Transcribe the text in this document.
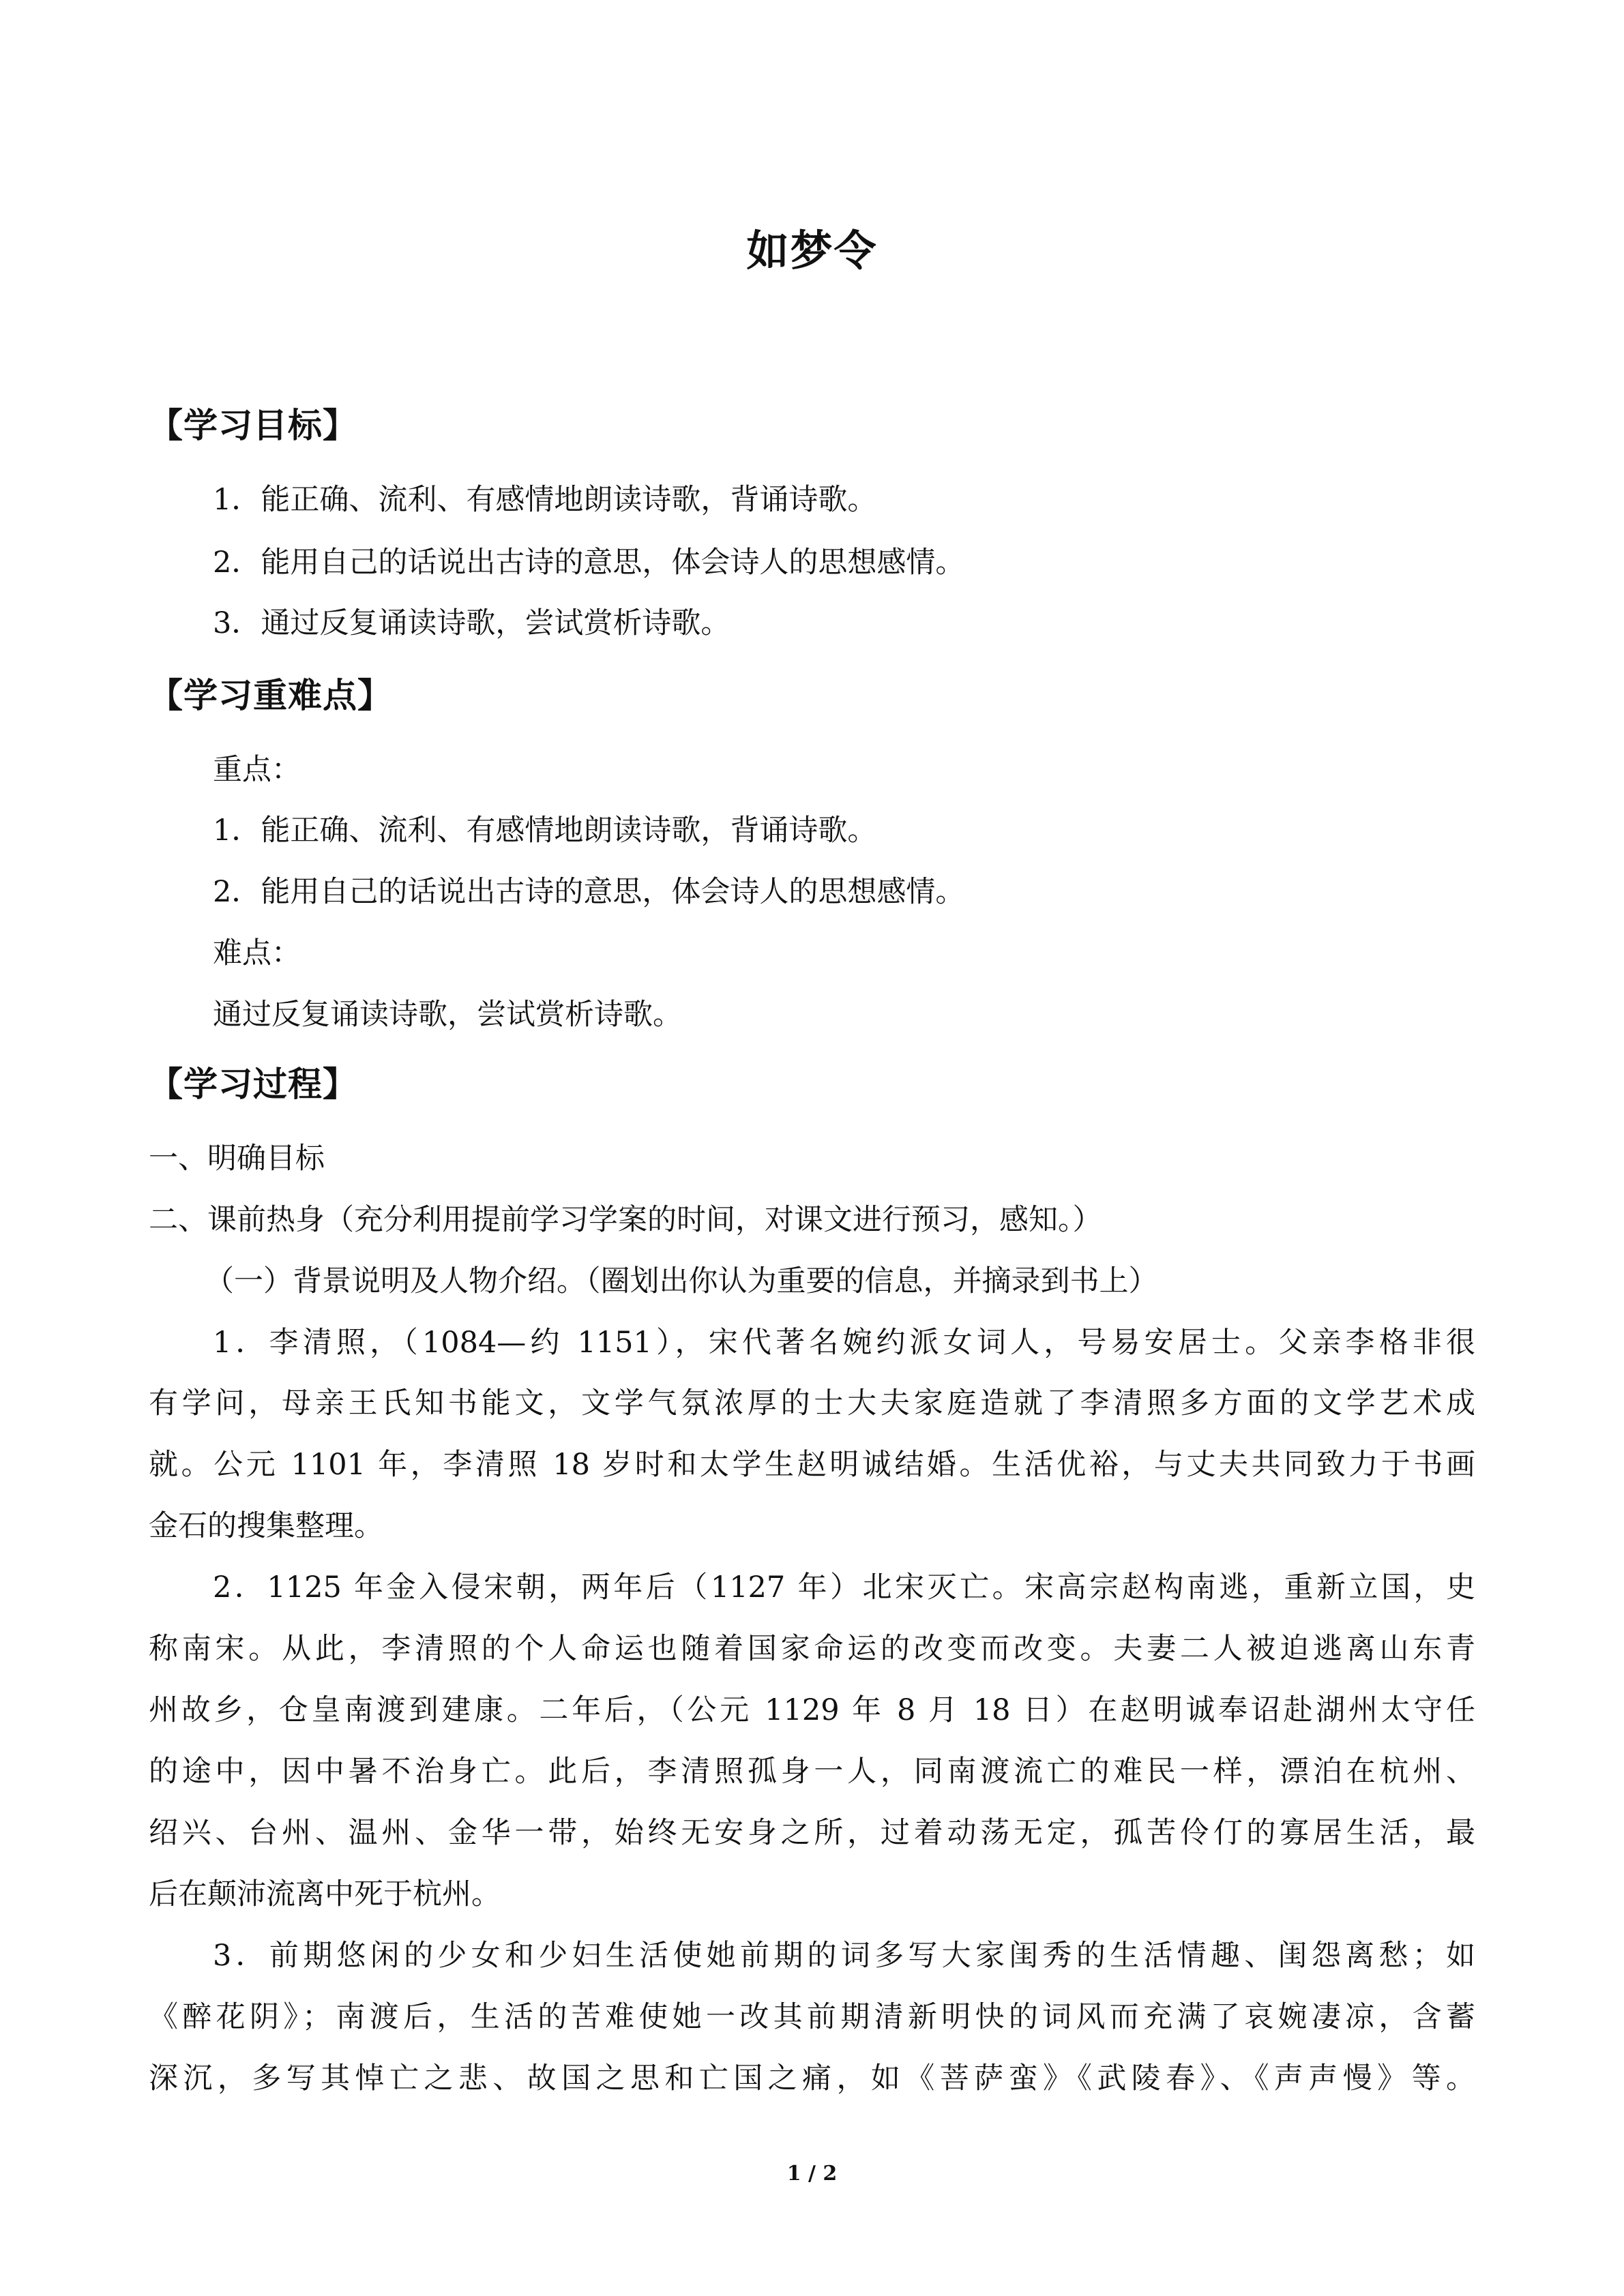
如梦令
【学习目标】
1．能正确、流利、有感情地朗读诗歌，背诵诗歌。
2．能用自己的话说出古诗的意思，体会诗人的思想感情。
3．通过反复诵读诗歌，尝试赏析诗歌。
【学习重难点】
重点：
1．能正确、流利、有感情地朗读诗歌，背诵诗歌。
2．能用自己的话说出古诗的意思，体会诗人的思想感情。
难点：
通过反复诵读诗歌，尝试赏析诗歌。
【学习过程】
一、明确目标
二、课前热身（充分利用提前学习学案的时间，对课文进行预习，感知。）
（一）背景说明及人物介绍。（圈划出你认为重要的信息，并摘录到书上）
1．李清照，（1084—约 1151），宋代著名婉约派女词人，号易安居士。父亲李格非很
有学问，母亲王氏知书能文，文学气氛浓厚的士大夫家庭造就了李清照多方面的文学艺术成
就。公元 1101 年，李清照 18 岁时和太学生赵明诚结婚。生活优裕，与丈夫共同致力于书画
金石的搜集整理。
2．1125 年金入侵宋朝，两年后（1127 年）北宋灭亡。宋高宗赵构南逃，重新立国，史
称南宋。从此，李清照的个人命运也随着国家命运的改变而改变。夫妻二人被迫逃离山东青
州故乡，仓皇南渡到建康。二年后，（公元 1129 年 8 月 18 日）在赵明诚奉诏赴湖州太守任
的途中，因中暑不治身亡。此后，李清照孤身一人，同南渡流亡的难民一样，漂泊在杭州、
绍兴、台州、温州、金华一带，始终无安身之所，过着动荡无定，孤苦伶仃的寡居生活，最
后在颠沛流离中死于杭州。
3．前期悠闲的少女和少妇生活使她前期的词多写大家闺秀的生活情趣、闺怨离愁；如
《醉花阴》；南渡后，生活的苦难使她一改其前期清新明快的词风而充满了哀婉凄凉，含蓄
深沉，多写其悼亡之悲、故国之思和亡国之痛，如《菩萨蛮》《武陵春》、《声声慢》等。
1 / 2
